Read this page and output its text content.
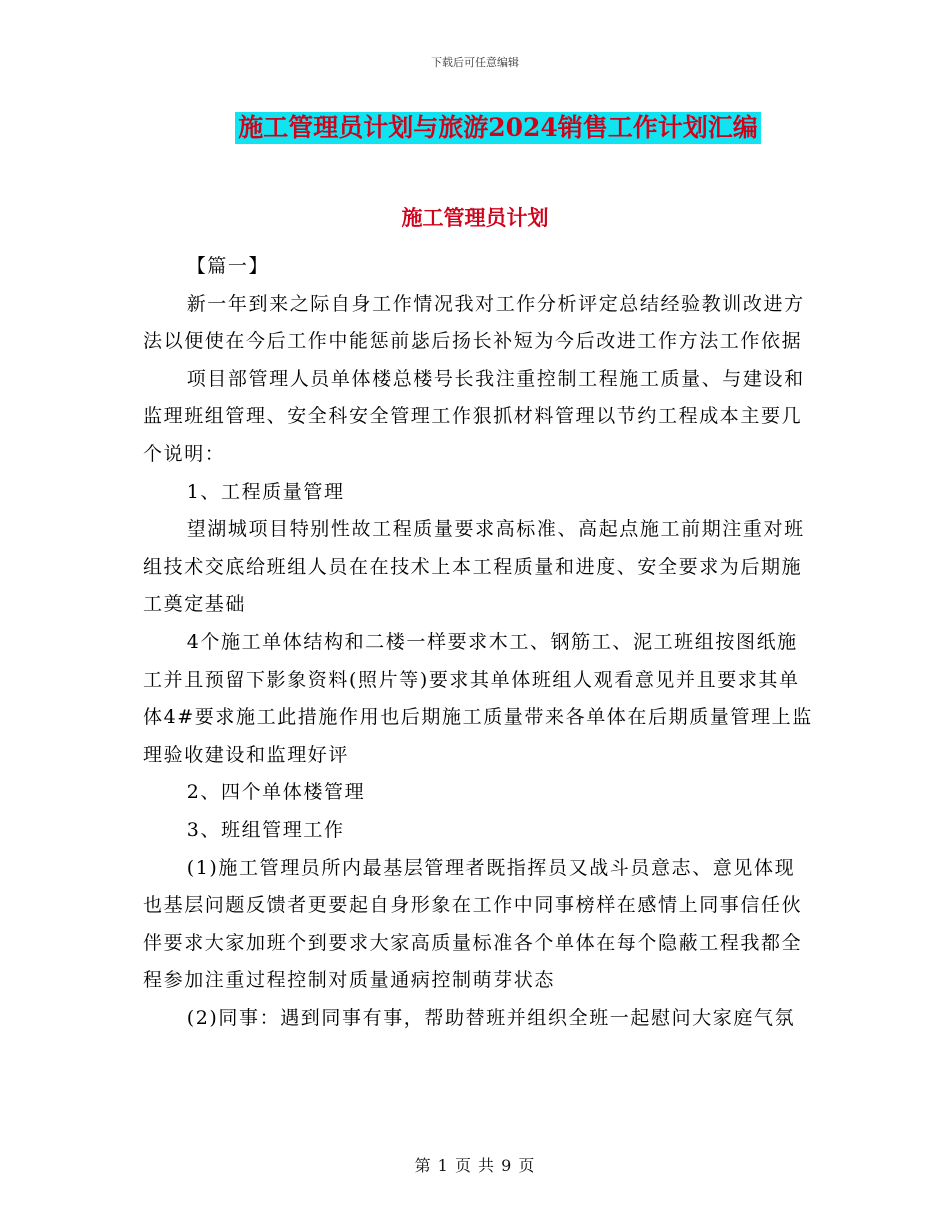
下载后可任意编辑
施工管理员计划与旅游2024销售工作计划汇编
施工管理员计划

【篇一】

新一年到来之际自身工作情况我对工作分析评定总结经验教训改进方法以便使在今后工作中能惩前毖后扬长补短为今后改进工作方法工作依据

项目部管理人员单体楼总楼号长我注重控制工程施工质量、与建设和监理班组管理、安全科安全管理工作狠抓材料管理以节约工程成本主要几个说明：

1、工程质量管理

望湖城项目特别性故工程质量要求高标准、高起点施工前期注重对班组技术交底给班组人员在在技术上本工程质量和进度、安全要求为后期施工奠定基础

4个施工单体结构和二楼一样要求木工、钢筋工、泥工班组按图纸施工并且预留下影象资料(照片等)要求其单体班组人观看意见并且要求其单体4#要求施工此措施作用也后期施工质量带来各单体在后期质量管理上监理验收建设和监理好评

2、四个单体楼管理

3、班组管理工作

(1)施工管理员所内最基层管理者既指挥员又战斗员意志、意见体现也基层问题反馈者更要起自身形象在工作中同事榜样在感情上同事信任伙伴要求大家加班个到要求大家高质量标准各个单体在每个隐蔽工程我都全程参加注重过程控制对质量通病控制萌芽状态

(2)同事：遇到同事有事，帮助替班并组织全班一起慰问大家庭气氛

第 1 页 共 9 页
